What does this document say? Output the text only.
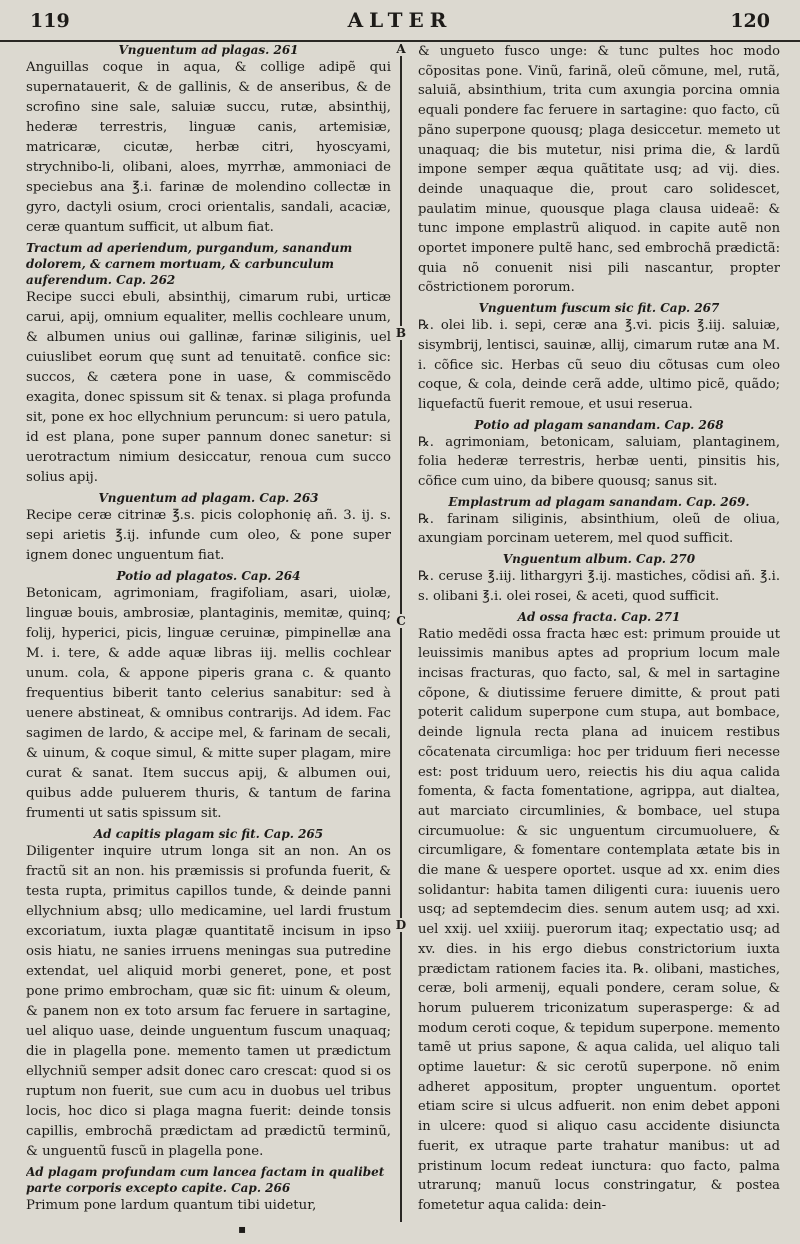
119	ALTER	120
A
B
C
D
Vnguentum ad plagas. 261

Anguillas coque in aqua, & collige adipẽ qui supernatauerit, & de gallinis, & de anseribus, & de scrofino sine sale, saluiæ succu, rutæ, absinthij, hederæ terrestris, linguæ canis, artemisiæ, matricaræ, cicutæ, herbæ citri, hyoscyami, strychnibo-li, olibani, aloes, myrrhæ, ammoniaci de speciebus ana ℥.i. farinæ de molendino collectæ in gyro, dactyli osium, croci orientalis, sandali, acaciæ, ceræ quantum sufficit, ut album fiat.

Tractum ad aperiendum, purgandum, sanandum dolorem, & carnem mortuam, & carbunculum auferendum. Cap. 262

Recipe succi ebuli, absinthij, cimarum rubi, urticæ carui, apij, omnium equaliter, mellis cochleare unum, & albumen unius oui gallinæ, farinæ siliginis, uel cuiuslibet eorum quę sunt ad tenuitatẽ. confice sic: succos, & cætera pone in uase, & commiscẽdo exagita, donec spissum sit & tenax. si plaga profunda sit, pone ex hoc ellychnium peruncum: si uero patula, id est plana, pone super pannum donec sanetur: si uerotractum nimium desiccatur, renoua cum succo solius apij.

Vnguentum ad plagam. Cap. 263

Recipe ceræ citrinæ ℥.s. picis colophonię añ. 3. ij. s. sepi arietis ℥.ij. infunde cum oleo, & pone super ignem donec unguentum fiat.

Potio ad plagatos. Cap. 264

Betonicam, agrimoniam, fragifoliam, asari, uiolæ, linguæ bouis, ambrosiæ, plantaginis, memitæ, quinq; folij, hyperici, picis, linguæ ceruinæ, pimpinellæ ana M. i. tere, & adde aquæ libras iij. mellis cochlear unum. cola, & appone piperis grana c. & quanto frequentius biberit tanto celerius sanabitur: sed à uenere abstineat, & omnibus contrarijs. Ad idem. Fac sagimen de lardo, & accipe mel, & farinam de secali, & uinum, & coque simul, & mitte super plagam, mire curat & sanat. Item succus apij, & albumen oui, quibus adde puluerem thuris, & tantum de farina frumenti ut satis spissum sit.

Ad capitis plagam sic fit. Cap. 265

Diligenter inquire utrum longa sit an non. An os fractũ sit an non. his præmissis si profunda fuerit, & testa rupta, primitus capillos tunde, & deinde panni ellychnium absq; ullo medicamine, uel lardi frustum excoriatum, iuxta plagæ quantitatẽ incisum in ipso osis hiatu, ne sanies irruens meningas sua putredine extendat, uel aliquid morbi generet, pone, et post pone primo embrocham, quæ sic fit: uinum & oleum, & panem non ex toto arsum fac feruere in sartagine, uel aliquo uase, deinde unguentum fuscum unaquaq; die in plagella pone. memento tamen ut prædictum ellychniũ semper adsit donec caro crescat: quod si os ruptum non fuerit, sue cum acu in duobus uel tribus locis, hoc dico si plaga magna fuerit: deinde tonsis capillis, embrochã prædictam ad prædictũ terminũ, & unguentũ fuscũ in plagella pone.

Ad plagam profundam cum lancea factam in qualibet parte corporis excepto capite. Cap. 266

Primum pone lardum quantum tibi uidetur,

& ungueto fusco unge: & tunc pultes hoc modo cõpositas pone. Vinũ, farinã, oleũ cõmune, mel, rutã, saluiã, absinthium, trita cum axungia porcina omnia equali pondere fac feruere in sartagine: quo facto, cũ pãno superpone quousq; plaga desiccetur. memeto ut unaquaq; die bis mutetur, nisi prima die, & lardũ impone semper æqua quãtitate usq; ad vij. dies. deinde unaquaque die, prout caro solidescet, paulatim minue, quousque plaga clausa uideaẽ: & tunc impone emplastrũ aliquod. in capite autẽ non oportet imponere pultẽ hanc, sed embrochã prædictã: quia nõ conuenit nisi pili nascantur, propter cõstrictionem pororum.

Vnguentum fuscum sic fit. Cap. 267

℞. olei lib. i. sepi, ceræ ana ℥.vi. picis ℥.iij. saluiæ, sisymbrij, lentisci, sauinæ, allij, cimarum rutæ ana M. i. cõfice sic. Herbas cũ seuo diu cõtusas cum oleo coque, & cola, deinde cerã adde, ultimo picẽ, quãdo; liquefactũ fuerit remoue, et usui reserua.

Potio ad plagam sanandam. Cap. 268

℞. agrimoniam, betonicam, saluiam, plantaginem, folia hederæ terrestris, herbæ uenti, pinsitis his, cõfice cum uino, da bibere quousq; sanus sit.

Emplastrum ad plagam sanandam. Cap. 269.

℞. farinam siliginis, absinthium, oleũ de oliua, axungiam porcinam ueterem, mel quod sufficit.

Vnguentum album. Cap. 270

℞. ceruse ℥.iij. lithargyri ℥.ij. mastiches, cõdisi añ. ℥.i. s. olibani ℥.i. olei rosei, & aceti, quod sufficit.

Ad ossa fracta. Cap. 271

Ratio medẽdi ossa fracta hæc est: primum prouide ut leuissimis manibus aptes ad proprium locum male incisas fracturas, quo facto, sal, & mel in sartagine cõpone, & diutissime feruere dimitte, & prout pati poterit calidum superpone cum stupa, aut bombace, deinde lignula recta plana ad inuicem restibus cõcatenata circumliga: hoc per triduum fieri necesse est: post triduum uero, reiectis his diu aqua calida fomenta, & facta fomentatione, agrippa, aut dialtea, aut marciato circumlinies, & bombace, uel stupa circumuolue: & sic unguentum circumuoluere, & circumligare, & fomentare contemplata ætate bis in die mane & uespere oportet. usque ad xx. enim dies solidantur: habita tamen diligenti cura: iuuenis uero usq; ad septemdecim dies. senum autem usq; ad xxi. uel xxij. uel xxiiij. puerorum itaq; expectatio usq; ad xv. dies. in his ergo diebus constrictorium iuxta prædictam rationem facies ita. ℞. olibani, mastiches, ceræ, boli armenij, equali pondere, ceram solue, & horum puluerem triconizatum superasperge: & ad modum ceroti coque, & tepidum superpone. memento tamẽ ut prius sapone, & aqua calida, uel aliquo tali optime lauetur: & sic cerotũ superpone. nõ enim adheret appositum, propter unguentum. oportet etiam scire si ulcus adfuerit. non enim debet apponi in ulcere: quod si aliquo casu accidente disiuncta fuerit, ex utraque parte trahatur manibus: ut ad pristinum locum redeat iunctura: quo facto, palma utrarunq; manuũ locus constringatur, & postea fometetur aqua calida: dein-

▪
